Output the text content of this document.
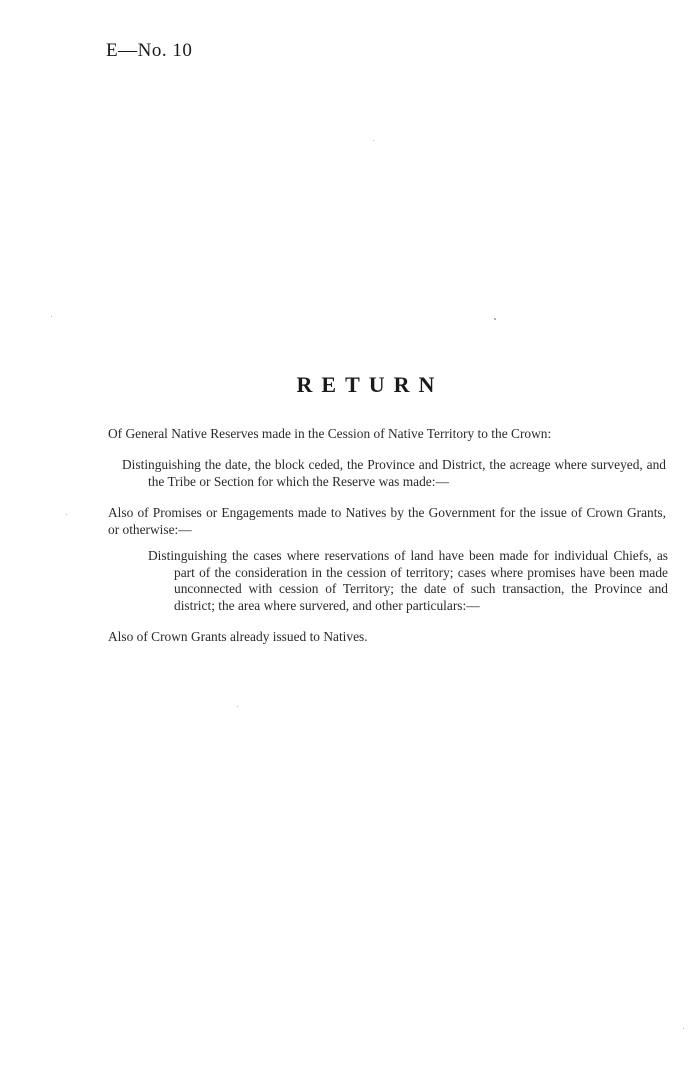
E—No. 10
RETURN

Of General Native Reserves made in the Cession of Native Territory to the Crown:

Distinguishing the date, the block ceded, the Province and District, the acreage where surveyed, and the Tribe or Section for which the Reserve was made:—

Also of Promises or Engagements made to Natives by the Government for the issue of Crown Grants, or otherwise:—

Distinguishing the cases where reservations of land have been made for individual Chiefs, as part of the consideration in the cession of territory; cases where promises have been made unconnected with cession of Territory; the date of such transaction, the Province and district; the area where survered, and other particulars:—

Also of Crown Grants already issued to Natives.
